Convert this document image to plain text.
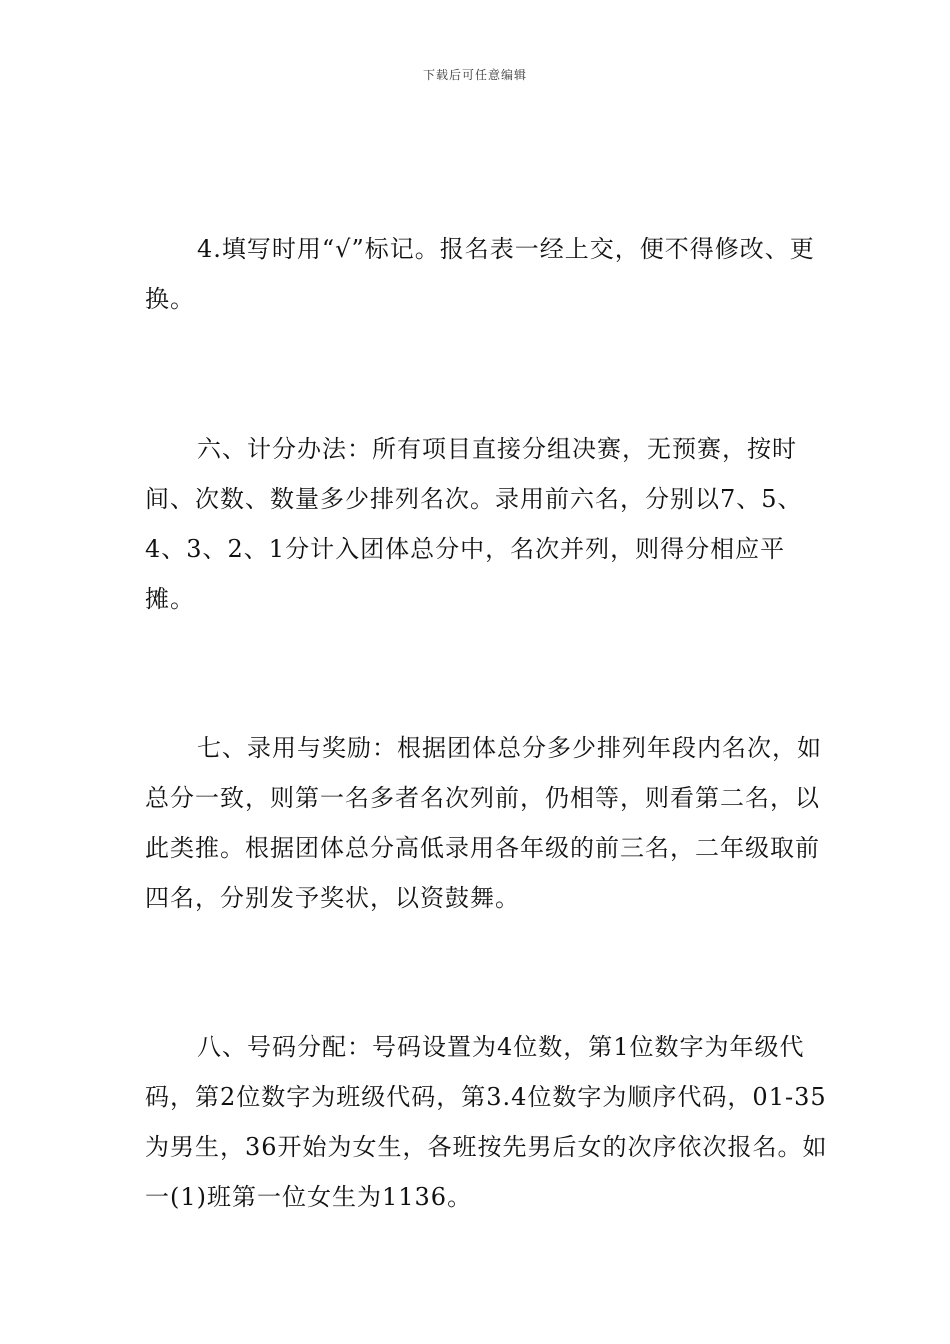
下载后可任意编辑

4.填写时用“√”标记。报名表一经上交，便不得修改、更换。

六、计分办法：所有项目直接分组决赛，无预赛，按时间、次数、数量多少排列名次。录用前六名，分别以7、5、4、3、2、1分计入团体总分中，名次并列，则得分相应平摊。

七、录用与奖励：根据团体总分多少排列年段内名次，如总分一致，则第一名多者名次列前，仍相等，则看第二名，以此类推。根据团体总分高低录用各年级的前三名，二年级取前四名，分别发予奖状，以资鼓舞。

八、号码分配：号码设置为4位数，第1位数字为年级代码，第2位数字为班级代码，第3.4位数字为顺序代码，01-35为男生，36开始为女生，各班按先男后女的次序依次报名。如一(1)班第一位女生为1136。
